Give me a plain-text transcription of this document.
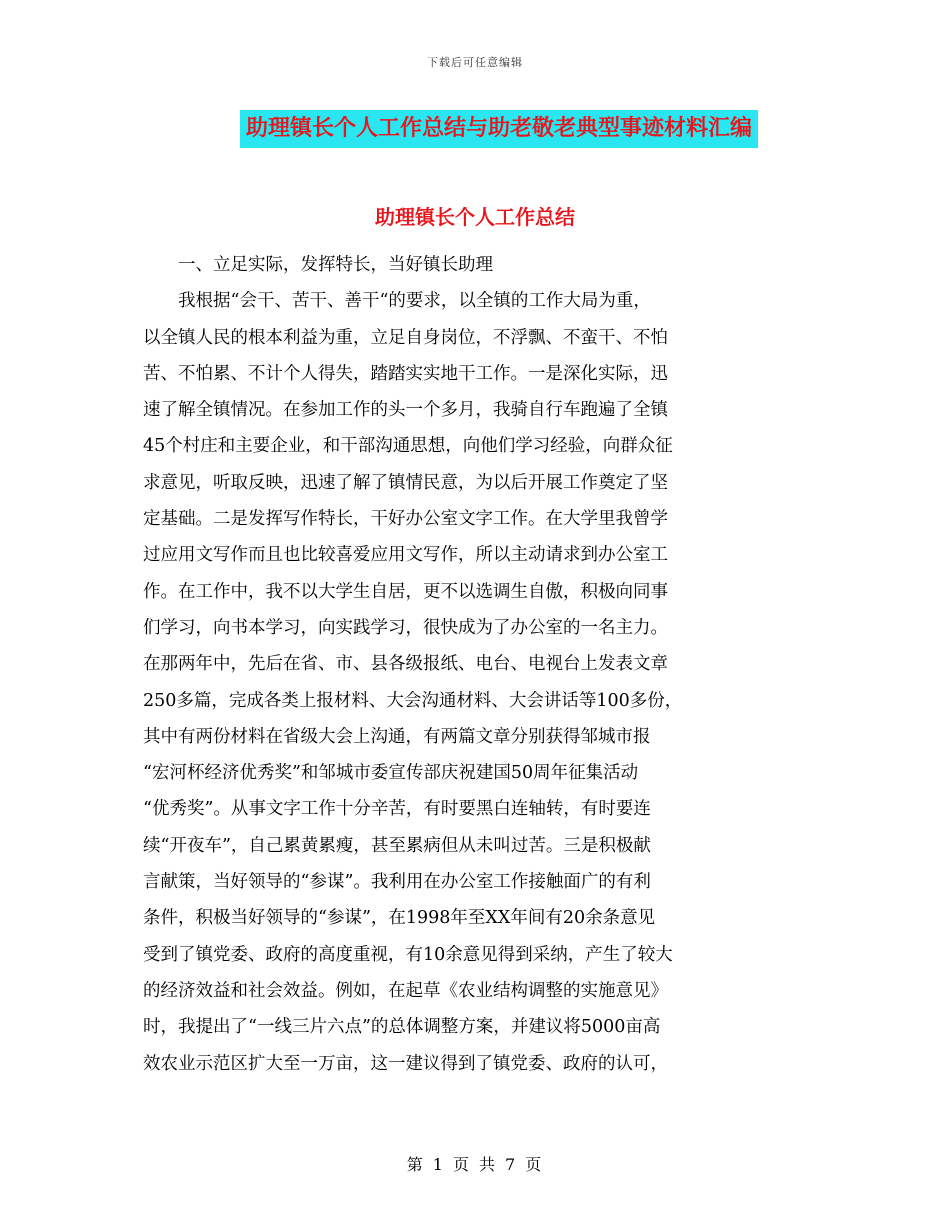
下载后可任意编辑
助理镇长个人工作总结与助老敬老典型事迹材料汇编
助理镇长个人工作总结
　　一、立足实际，发挥特长，当好镇长助理
　　我根据“会干、苦干、善干“的要求，以全镇的工作大局为重，
以全镇人民的根本利益为重，立足自身岗位，不浮飘、不蛮干、不怕
苦、不怕累、不计个人得失，踏踏实实地干工作。一是深化实际，迅
速了解全镇情况。在参加工作的头一个多月，我骑自行车跑遍了全镇
45个村庄和主要企业，和干部沟通思想，向他们学习经验，向群众征
求意见，听取反映，迅速了解了镇情民意，为以后开展工作奠定了坚
定基础。二是发挥写作特长，干好办公室文字工作。在大学里我曾学
过应用文写作而且也比较喜爱应用文写作，所以主动请求到办公室工
作。在工作中，我不以大学生自居，更不以选调生自傲，积极向同事
们学习，向书本学习，向实践学习，很快成为了办公室的一名主力。
在那两年中，先后在省、市、县各级报纸、电台、电视台上发表文章
250多篇，完成各类上报材料、大会沟通材料、大会讲话等100多份，
其中有两份材料在省级大会上沟通，有两篇文章分别获得邹城市报
“宏河杯经济优秀奖”和邹城市委宣传部庆祝建国50周年征集活动
“优秀奖”。从事文字工作十分辛苦，有时要黑白连轴转，有时要连
续“开夜车”，自己累黄累瘦，甚至累病但从未叫过苦。三是积极献
言献策，当好领导的“参谋”。我利用在办公室工作接触面广的有利
条件，积极当好领导的“参谋”，在1998年至XX年间有20余条意见
受到了镇党委、政府的高度重视，有10余意见得到采纳，产生了较大
的经济效益和社会效益。例如，在起草《农业结构调整的实施意见》
时，我提出了“一线三片六点”的总体调整方案，并建议将5000亩高
效农业示范区扩大至一万亩，这一建议得到了镇党委、政府的认可，
第 1 页 共 7 页
